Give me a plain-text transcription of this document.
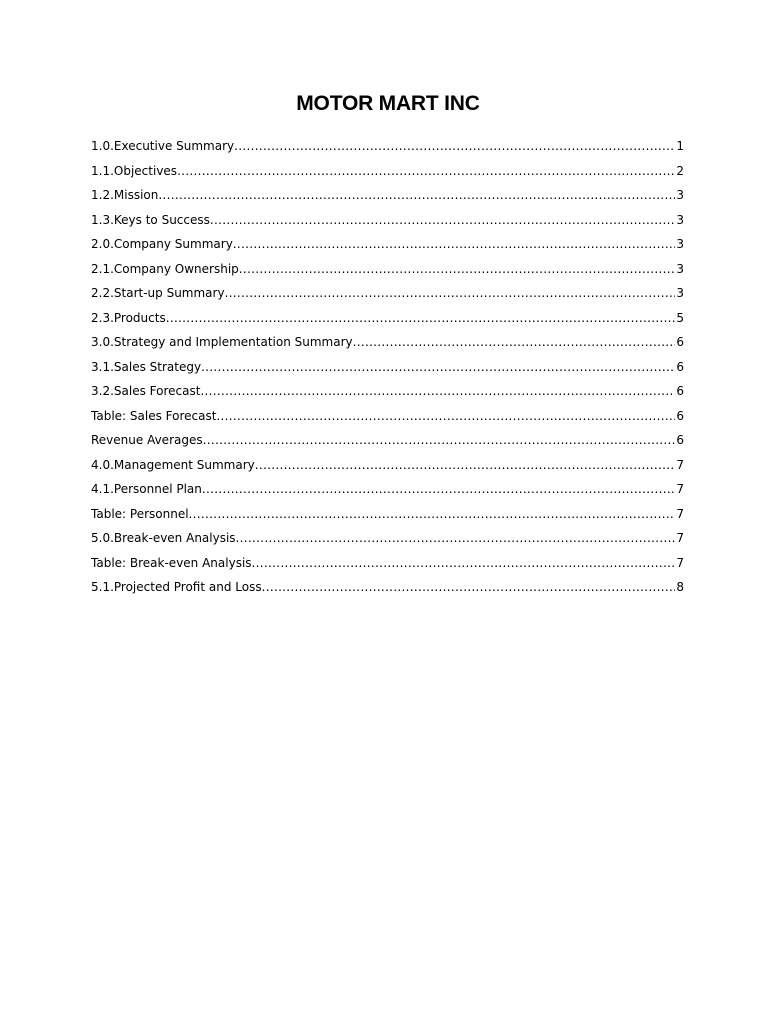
MOTOR MART INC
1.0.Executive Summary .....	1
1.1.Objectives .....	2
1.2.Mission .....	3
1.3.Keys to Success .....	3
2.0.Company Summary .....	3
2.1.Company Ownership .....	3
2.2.Start-up Summary .....	3
2.3.Products .....	5
3.0.Strategy and Implementation Summary .....	6
3.1.Sales Strategy .....	6
3.2.Sales Forecast .....	6
Table: Sales Forecast .....	6
Revenue Averages .....	6
4.0.Management Summary .....	7
4.1.Personnel Plan .....	7
Table: Personnel .....	7
5.0.Break-even Analysis .....	7
Table: Break-even Analysis .....	7
5.1.Projected Profit and Loss .....	8
